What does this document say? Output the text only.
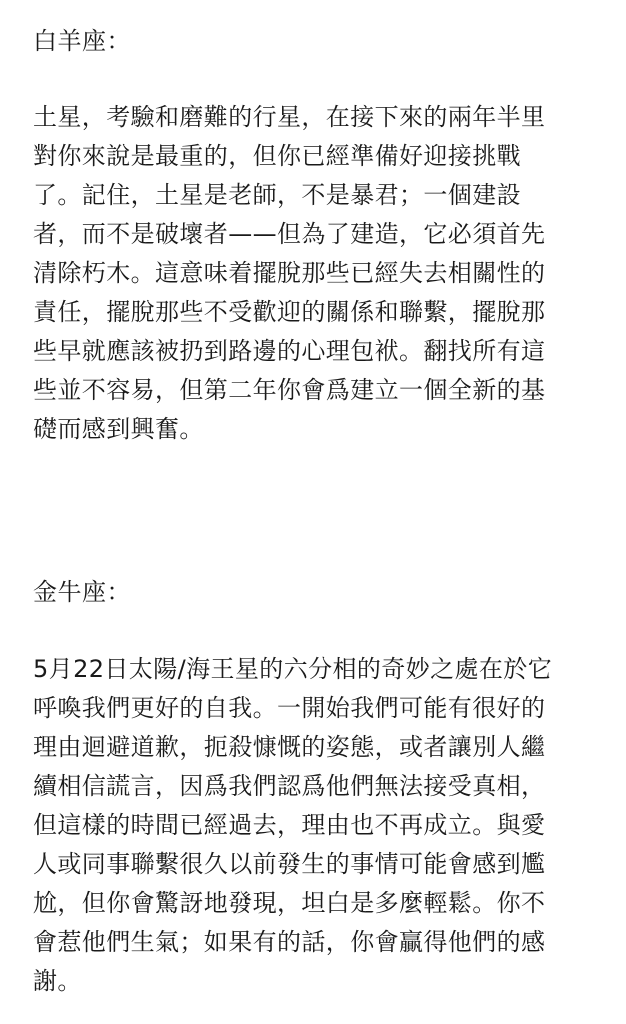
白羊座：
土星，考驗和磨難的行星，在接下來的兩年半里
對你來說是最重的，但你已經準備好迎接挑戰
了。記住，土星是老師，不是暴君；一個建設
者，而不是破壞者——但為了建造，它必須首先
清除朽木。這意味着擺脫那些已經失去相關性的
責任，擺脫那些不受歡迎的關係和聯繫，擺脫那
些早就應該被扔到路邊的心理包袱。翻找所有這
些並不容易，但第二年你會爲建立一個全新的基
礎而感到興奮。
金牛座：
5月22日太陽/海王星的六分相的奇妙之處在於它
呼喚我們更好的自我。一開始我們可能有很好的
理由迴避道歉，扼殺慷慨的姿態，或者讓別人繼
續相信謊言，因爲我們認爲他們無法接受真相，
但這樣的時間已經過去，理由也不再成立。與愛
人或同事聯繫很久以前發生的事情可能會感到尷
尬，但你會驚訝地發現，坦白是多麼輕鬆。你不
會惹他們生氣；如果有的話，你會贏得他們的感
謝。
